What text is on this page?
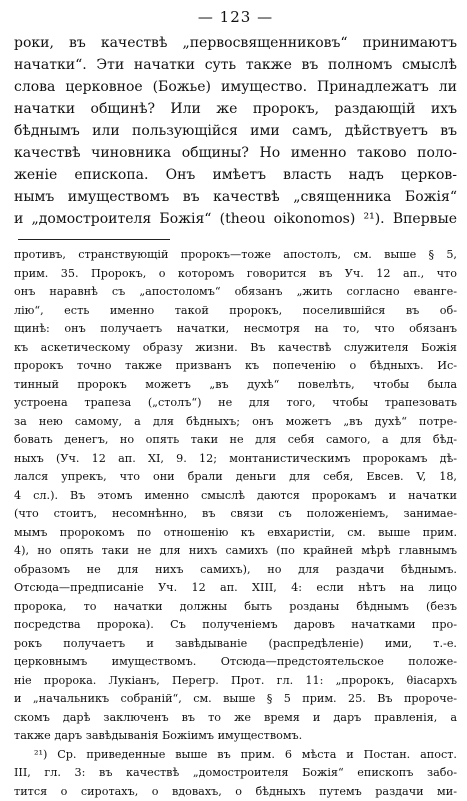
— 123 —
роки, въ качествѣ „первосвященниковъ“ принимаютъ
начатки“. Эти начатки суть также въ полномъ смыслѣ
слова церковное (Божье) имущество. Принадлежатъ ли
начатки общинѣ? Или же пророкъ, раздающій ихъ
бѣднымъ или пользующійся ими самъ, дѣйствуетъ въ
качествѣ чиновника общины? Но именно таково поло-
женіе епископа. Онъ имѣетъ власть надъ церков-
нымъ имуществомъ въ качествѣ „священника Божія“
и „домостроителя Божія“ (theou oikonomos) ²¹). Впервые
противъ, странствующій пророкъ—тоже апостолъ, см. выше § 5,
прим. 35. Пророкъ, о которомъ говорится въ Уч. 12 ап., что
онъ наравнѣ съ „апостоломъ“ обязанъ „жить согласно еванге-
лію“, есть именно такой пророкъ, поселившійся въ об-
щинѣ: онъ получаетъ начатки, несмотря на то, что обязанъ
къ аскетическому образу жизни. Въ качествѣ служителя Божія
пророкъ точно также призванъ къ попеченію о бѣдныхъ. Ис-
тинный пророкъ можетъ „въ духѣ“ повелѣть, чтобы была
устроена трапеза („столъ“) не для того, чтобы трапезовать
за нею самому, а для бѣдныхъ; онъ можетъ „въ духѣ“ потре-
бовать денегъ, но опять таки не для себя самого, а для бѣд-
ныхъ (Уч. 12 ап. XI, 9. 12; монтанистическимъ пророкамъ дѣ-
лался упрекъ, что они брали деньги для себя, Евсев. V, 18,
4 сл.). Въ этомъ именно смыслѣ даются пророкамъ и начатки
(что стоитъ, несомнѣнно, въ связи съ положеніемъ, занимае-
мымъ пророкомъ по отношенію къ евхаристіи, см. выше прим.
4), но опять таки не для нихъ самихъ (по крайней мѣрѣ главнымъ
образомъ не для нихъ самихъ), но для раздачи бѣднымъ.
Отсюда—предписаніе Уч. 12 ап. XIII, 4: если нѣтъ на лицо
пророка, то начатки должны быть розданы бѣднымъ (безъ
посредства пророка). Съ полученіемъ даровъ начатками про-
рокъ получаетъ и завѣдываніе (распредѣленіе) ими, т.-е.
церковнымъ имуществомъ. Отсюда—предстоятельское положе-
ніе пророка. Лукіанъ, Перегр. Прот. гл. 11: „пророкъ, θіасархъ
и „начальникъ собраній“, см. выше § 5 прим. 25. Въ пророче-
скомъ дарѣ заключенъ въ то же время и даръ правленія, а
также даръ завѣдыванія Божіимъ имуществомъ.
²¹) Ср. приведенные выше въ прим. 6 мѣста и Постан. апост.
III, гл. 3: въ качествѣ „домостроителя Божія“ епископъ забо-
тится о сиротахъ, о вдовахъ, о бѣдныхъ путемъ раздачи ми-
